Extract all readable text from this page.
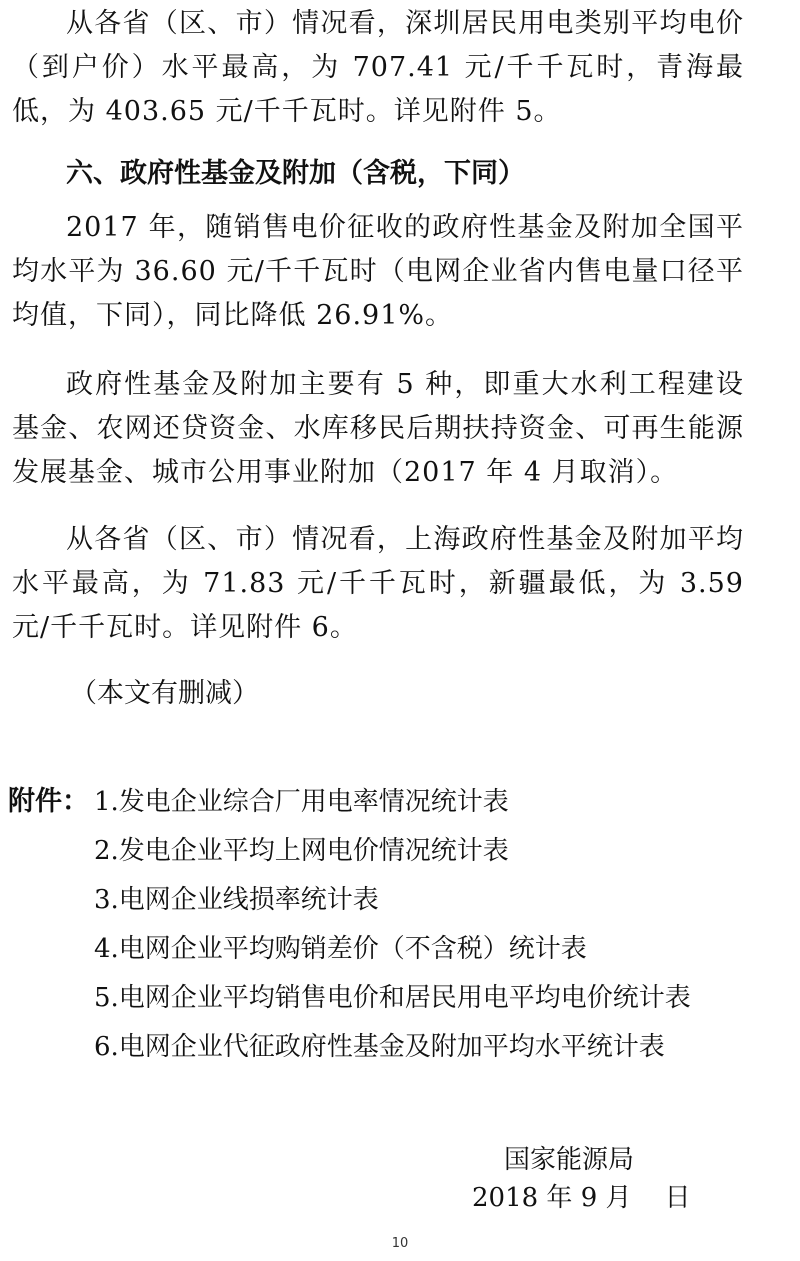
从各省（区、市）情况看，深圳居民用电类别平均电价（到户价）水平最高，为 707.41 元/千千瓦时，青海最低，为 403.65 元/千千瓦时。详见附件 5。

六、政府性基金及附加（含税，下同）

2017 年，随销售电价征收的政府性基金及附加全国平均水平为 36.60 元/千千瓦时（电网企业省内售电量口径平均值，下同），同比降低 26.91%。

政府性基金及附加主要有 5 种，即重大水利工程建设基金、农网还贷资金、水库移民后期扶持资金、可再生能源发展基金、城市公用事业附加（2017 年 4 月取消）。

从各省（区、市）情况看，上海政府性基金及附加平均水平最高，为 71.83 元/千千瓦时，新疆最低，为 3.59 元/千千瓦时。详见附件 6。

（本文有删减）

附件： 1.发电企业综合厂用电率情况统计表
2.发电企业平均上网电价情况统计表
3.电网企业线损率统计表
4.电网企业平均购销差价（不含税）统计表
5.电网企业平均销售电价和居民用电平均电价统计表
6.电网企业代征政府性基金及附加平均水平统计表

国家能源局

2018 年 9 月    日

10
